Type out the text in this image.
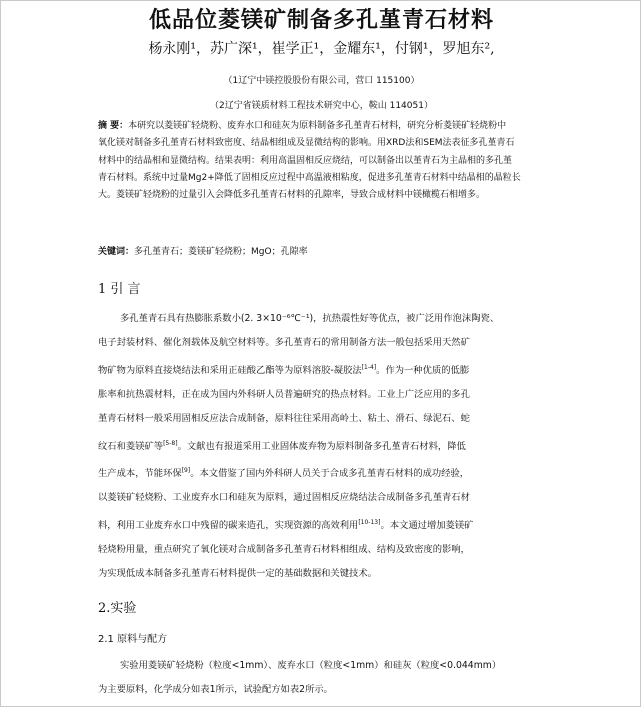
低品位菱镁矿制备多孔堇青石材料
杨永刚¹，苏广深¹，崔学正¹，金耀东¹，付钢¹，罗旭东²,
（1辽宁中镁控股股份有限公司，营口 115100）
（2辽宁省镁质材料工程技术研究中心，鞍山 114051）
摘 要：本研究以菱镁矿轻烧粉、废弃水口和硅灰为原料制备多孔堇青石材料，研究分析菱镁矿轻烧粉中
氧化镁对制备多孔堇青石材料致密度、结晶相组成及显微结构的影响。用XRD法和SEM法表征多孔堇青石
材料中的结晶相和显微结构。结果表明：利用高温固相反应烧结，可以制备出以堇青石为主晶相的多孔堇
青石材料。系统中过量Mg2+降低了固相反应过程中高温液相粘度，促进多孔堇青石材料中结晶相的晶粒长
大。菱镁矿轻烧粉的过量引入会降低多孔堇青石材料的孔隙率，导致合成材料中镁橄榄石相增多。
关键词：多孔堇青石；菱镁矿轻烧粉；MgO；孔隙率
1 引 言
多孔堇青石具有热膨胀系数小(2. 3×10⁻⁶℃⁻¹)，抗热震性好等优点，被广泛用作泡沫陶瓷、
电子封装材料、催化剂载体及航空材料等。多孔堇青石的常用制备方法一般包括采用天然矿
物矿物为原料直接烧结法和采用正硅酸乙酯等为原料溶胶-凝胶法[1-4]。作为一种优质的低膨
胀率和抗热震材料，正在成为国内外科研人员普遍研究的热点材料。工业上广泛应用的多孔
堇青石材料一般采用固相反应法合成制备，原料往往采用高岭土、粘土、滑石、绿泥石、蛇
纹石和菱镁矿等[5-8]。文献也有报道采用工业固体废弃物为原料制备多孔堇青石材料，降低
生产成本，节能环保[9]。本文借鉴了国内外科研人员关于合成多孔堇青石材料的成功经验，
以菱镁矿轻烧粉、工业废弃水口和硅灰为原料，通过固相反应烧结法合成制备多孔堇青石材
料，利用工业废弃水口中残留的碳来造孔，实现资源的高效利用[10-13]。本文通过增加菱镁矿
轻烧粉用量，重点研究了氧化镁对合成制备多孔堇青石材料相组成、结构及致密度的影响，
为实现低成本制备多孔堇青石材料提供一定的基础数据和关键技术。
2.实验
2.1 原料与配方
实验用菱镁矿轻烧粉（粒度<1mm）、废弃水口（粒度<1mm）和硅灰（粒度<0.044mm）
为主要原料，化学成分如表1所示，试验配方如表2所示。
